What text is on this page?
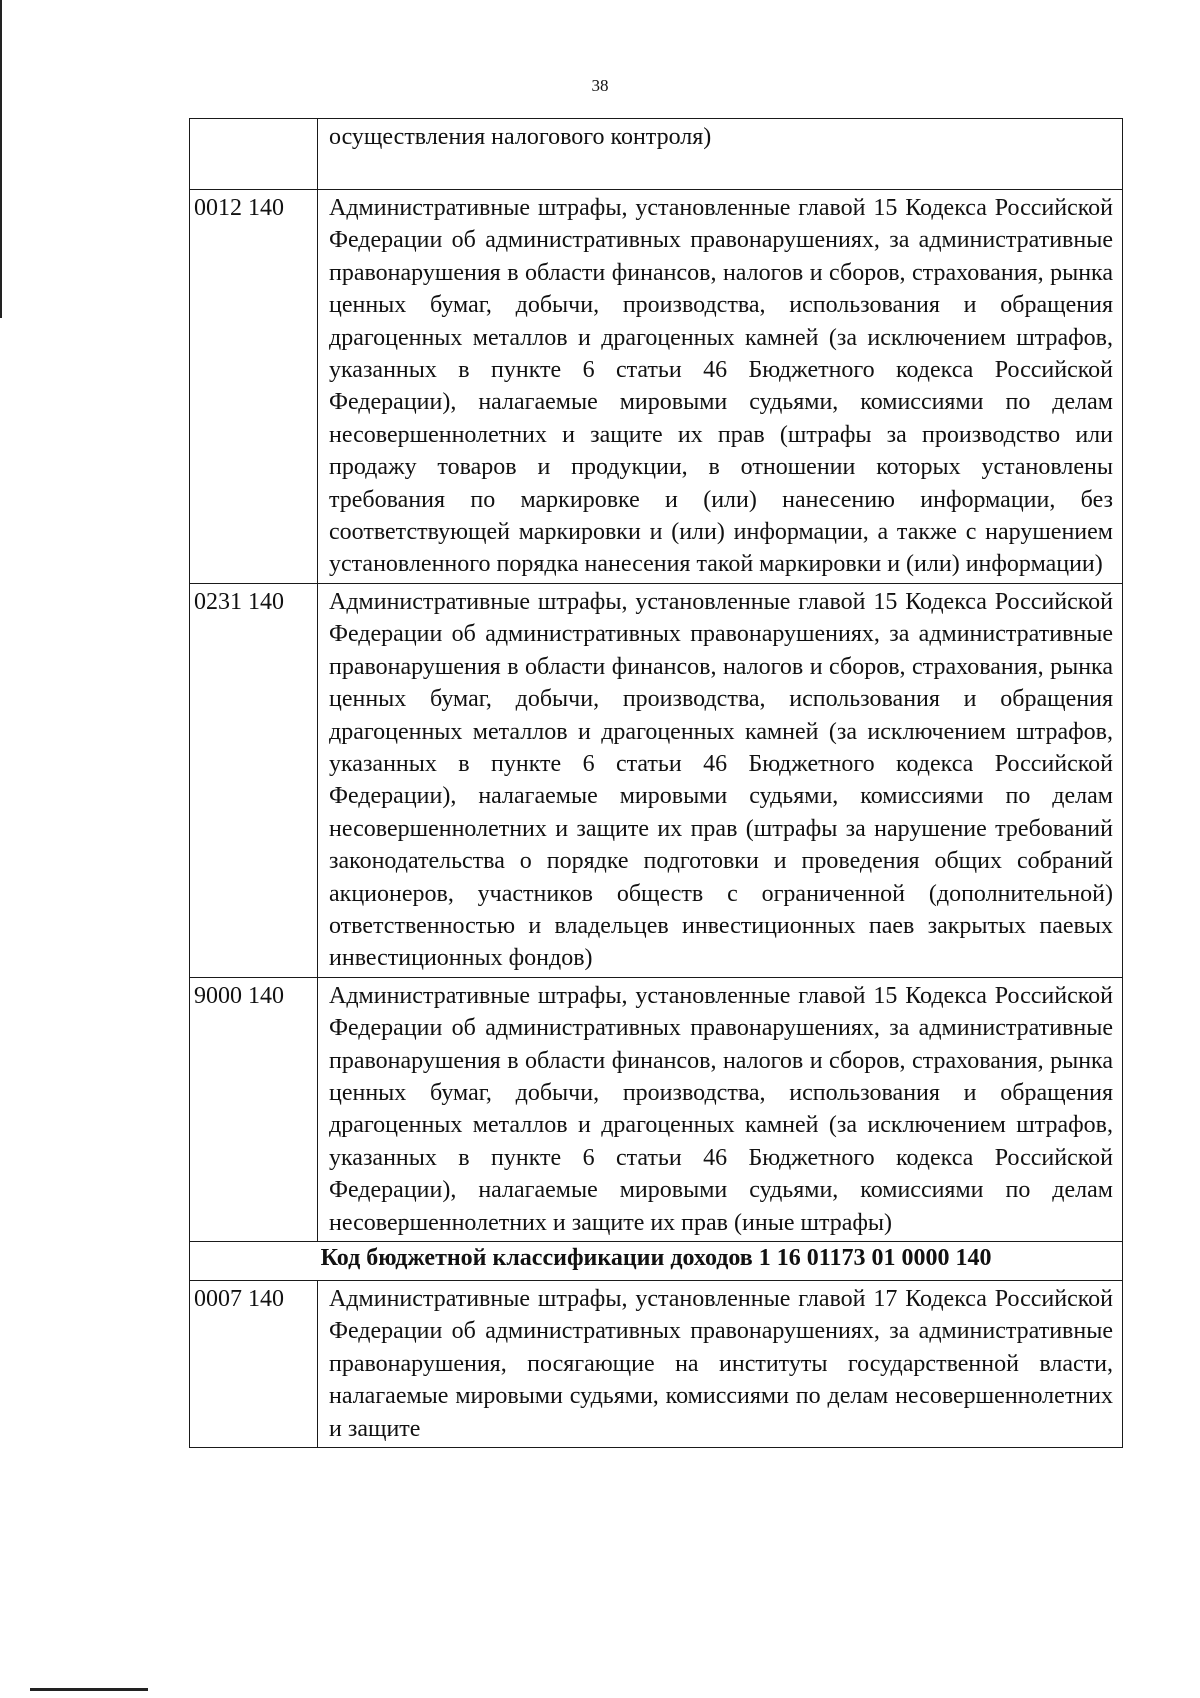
38
	осуществления налогового контроля)
0012 140	Административные штрафы, установленные главой 15 Кодекса Российской Федерации об административных правонарушениях, за административные правонарушения в области финансов, налогов и сборов, страхования, рынка ценных бумаг, добычи, производства, использования и обращения драгоценных металлов и драгоценных камней (за исключением штрафов, указанных в пункте 6 статьи 46 Бюджетного кодекса Российской Федерации), налагаемые мировыми судьями, комиссиями по делам несовершеннолетних и защите их прав (штрафы за производство или продажу товаров и продукции, в отношении которых установлены требования по маркировке и (или) нанесению информации, без соответствующей маркировки и (или) информации, а также с нарушением установленного порядка нанесения такой маркировки и (или) информации)
0231 140	Административные штрафы, установленные главой 15 Кодекса Российской Федерации об административных правонарушениях, за административные правонарушения в области финансов, налогов и сборов, страхования, рынка ценных бумаг, добычи, производства, использования и обращения драгоценных металлов и драгоценных камней (за исключением штрафов, указанных в пункте 6 статьи 46 Бюджетного кодекса Российской Федерации), налагаемые мировыми судьями, комиссиями по делам несовершеннолетних и защите их прав (штрафы за нарушение требований законодательства о порядке подготовки и проведения общих собраний акционеров, участников обществ с ограниченной (дополнительной) ответственностью и владельцев инвестиционных паев закрытых паевых инвестиционных фондов)
9000 140	Административные штрафы, установленные главой 15 Кодекса Российской Федерации об административных правонарушениях, за административные правонарушения в области финансов, налогов и сборов, страхования, рынка ценных бумаг, добычи, производства, использования и обращения драгоценных металлов и драгоценных камней (за исключением штрафов, указанных в пункте 6 статьи 46 Бюджетного кодекса Российской Федерации), налагаемые мировыми судьями, комиссиями по делам несовершеннолетних и защите их прав (иные штрафы)
Код бюджетной классификации доходов 1 16 01173 01 0000 140	
0007 140	Административные штрафы, установленные главой 17 Кодекса Российской Федерации об административных правонарушениях, за административные правонарушения, посягающие на институты государственной власти, налагаемые мировыми судьями, комиссиями по делам несовершеннолетних и защите
